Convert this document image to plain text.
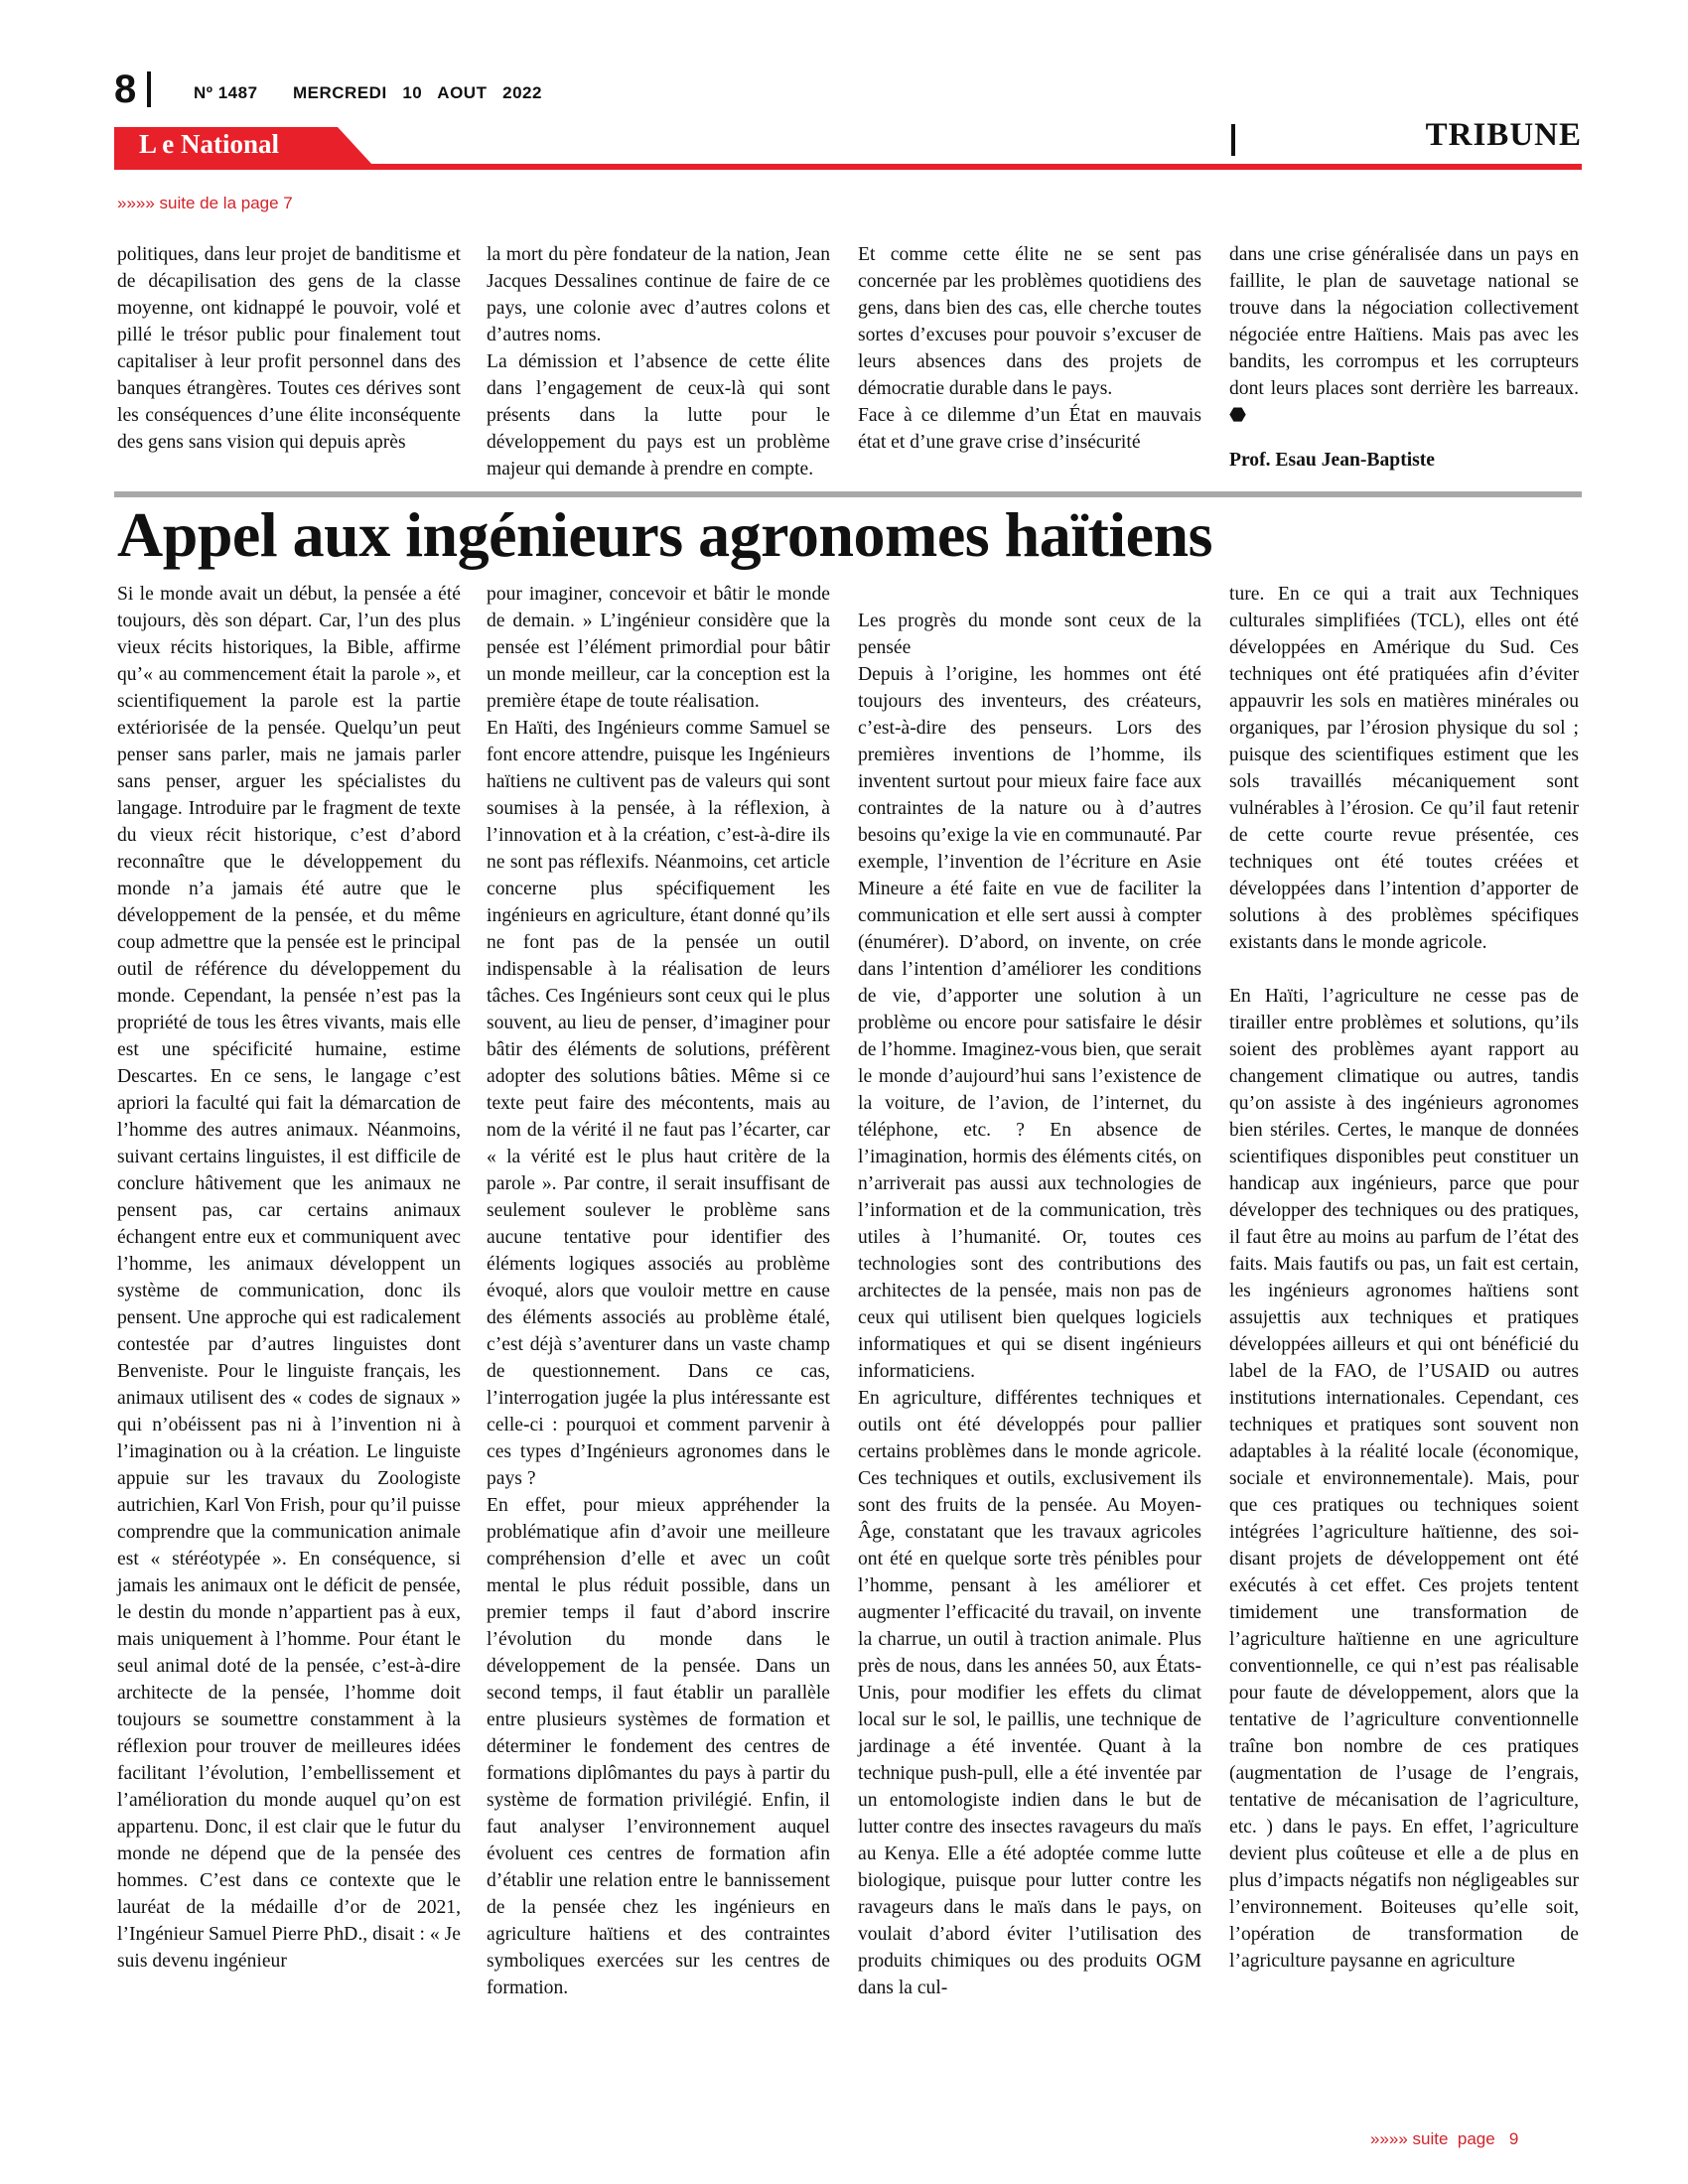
8	Nº 1487 MERCREDI   10   AOUT   2022
L e National	TRIBUNE
»»»» suite de la page 7

politiques, dans leur projet de banditisme et de décapilisation des gens de la classe moyenne, ont kidnappé le pouvoir, volé et pillé le trésor public pour finalement tout capitaliser à leur profit personnel dans des banques étrangères. Toutes ces dérives sont les conséquences d’une élite inconséquente des gens sans vision qui depuis après

la mort du père fondateur de la nation, Jean Jacques Dessalines continue de faire de ce pays, une colonie avec d’autres colons et d’autres noms.

La démission et l’absence de cette élite dans l’engagement de ceux-là qui sont présents dans la lutte pour le développement du pays est un problème majeur qui demande à prendre en compte.

Et comme cette élite ne se sent pas concernée par les problèmes quotidiens des gens, dans bien des cas, elle cherche toutes sortes d’excuses pour pouvoir s’excuser de leurs absences dans des projets de démocratie durable dans le pays.

Face à ce dilemme d’un État en mauvais état et d’une grave crise d’insécurité

dans une crise généralisée dans un pays en faillite, le plan de sauvetage national se trouve dans la négociation collectivement négociée entre Haïtiens. Mais pas avec les bandits, les corrompus et les corrupteurs dont leurs places sont derrière les barreaux. ⬣

Prof. Esau Jean-Baptiste

Appel aux ingénieurs agronomes haïtiens

Si le monde avait un début, la pensée a été toujours, dès son départ. Car, l’un des plus vieux récits historiques, la Bible, affirme qu’« au commencement était la parole », et scientifiquement la parole est la partie extériorisée de la pensée. Quelqu’un peut penser sans parler, mais ne jamais parler sans penser, arguer les spécialistes du langage. Introduire par le fragment de texte du vieux récit historique, c’est d’abord reconnaître que le développement du monde n’a jamais été autre que le développement de la pensée, et du même coup admettre que la pensée est le principal outil de référence du développement du monde. Cependant, la pensée n’est pas la propriété de tous les êtres vivants, mais elle est une spécificité humaine, estime Descartes. En ce sens, le langage c’est apriori la faculté qui fait la démarcation de l’homme des autres animaux. Néanmoins, suivant certains linguistes, il est difficile de conclure hâtivement que les animaux ne pensent pas, car certains animaux échangent entre eux et communiquent avec l’homme, les animaux développent un système de communication, donc ils pensent. Une approche qui est radicalement contestée par d’autres linguistes dont Benveniste. Pour le linguiste français, les animaux utilisent des « codes de signaux » qui n’obéissent pas ni à l’invention ni à l’imagination ou à la création. Le linguiste appuie sur les travaux du Zoologiste autrichien, Karl Von Frish, pour qu’il puisse comprendre que la communication animale est « stéréotypée ». En conséquence, si jamais les animaux ont le déficit de pensée, le destin du monde n’appartient pas à eux, mais uniquement à l’homme. Pour étant le seul animal doté de la pensée, c’est-à-dire architecte de la pensée, l’homme doit toujours se soumettre constamment à la réflexion pour trouver de meilleures idées facilitant l’évolution, l’embellissement et l’amélioration du monde auquel qu’on est appartenu. Donc, il est clair que le futur du monde ne dépend que de la pensée des hommes. C’est dans ce contexte que le lauréat de la médaille d’or de 2021, l’Ingénieur Samuel Pierre PhD., disait : « Je suis devenu ingénieur

pour imaginer, concevoir et bâtir le monde de demain. » L’ingénieur considère que la pensée est l’élément primordial pour bâtir un monde meilleur, car la conception est la première étape de toute réalisation.

En Haïti, des Ingénieurs comme Samuel se font encore attendre, puisque les Ingénieurs haïtiens ne cultivent pas de valeurs qui sont soumises à la pensée, à la réflexion, à l’innovation et à la création, c’est-à-dire ils ne sont pas réflexifs. Néanmoins, cet article concerne plus spécifiquement les ingénieurs en agriculture, étant donné qu’ils ne font pas de la pensée un outil indispensable à la réalisation de leurs tâches. Ces Ingénieurs sont ceux qui le plus souvent, au lieu de penser, d’imaginer pour bâtir des éléments de solutions, préfèrent adopter des solutions bâties. Même si ce texte peut faire des mécontents, mais au nom de la vérité il ne faut pas l’écarter, car « la vérité est le plus haut critère de la parole ». Par contre, il serait insuffisant de seulement soulever le problème sans aucune tentative pour identifier des éléments logiques associés au problème évoqué, alors que vouloir mettre en cause des éléments associés au problème étalé, c’est déjà s’aventurer dans un vaste champ de questionnement. Dans ce cas, l’interrogation jugée la plus intéressante est celle-ci : pourquoi et comment parvenir à ces types d’Ingénieurs agronomes dans le pays ?

En effet, pour mieux appréhender la problématique afin d’avoir une meilleure compréhension d’elle et avec un coût mental le plus réduit possible, dans un premier temps il faut d’abord inscrire l’évolution du monde dans le développement de la pensée. Dans un second temps, il faut établir un parallèle entre plusieurs systèmes de formation et déterminer le fondement des centres de formations diplômantes du pays à partir du système de formation privilégié. Enfin, il faut analyser l’environnement auquel évoluent ces centres de formation afin d’établir une relation entre le bannissement de la pensée chez les ingénieurs en agriculture haïtiens et des contraintes symboliques exercées sur les centres de formation.

Les progrès du monde sont ceux de la pensée

Depuis à l’origine, les hommes ont été toujours des inventeurs, des créateurs, c’est-à-dire des penseurs. Lors des premières inventions de l’homme, ils inventent surtout pour mieux faire face aux contraintes de la nature ou à d’autres besoins qu’exige la vie en communauté. Par exemple, l’invention de l’écriture en Asie Mineure a été faite en vue de faciliter la communication et elle sert aussi à compter (énumérer). D’abord, on invente, on crée dans l’intention d’améliorer les conditions de vie, d’apporter une solution à un problème ou encore pour satisfaire le désir de l’homme. Imaginez-vous bien, que serait le monde d’aujourd’hui sans l’existence de la voiture, de l’avion, de l’internet, du téléphone, etc. ? En absence de l’imagination, hormis des éléments cités, on n’arriverait pas aussi aux technologies de l’information et de la communication, très utiles à l’humanité. Or, toutes ces technologies sont des contributions des architectes de la pensée, mais non pas de ceux qui utilisent bien quelques logiciels informatiques et qui se disent ingénieurs informaticiens.

En agriculture, différentes techniques et outils ont été développés pour pallier certains problèmes dans le monde agricole. Ces techniques et outils, exclusivement ils sont des fruits de la pensée. Au Moyen-Âge, constatant que les travaux agricoles ont été en quelque sorte très pénibles pour l’homme, pensant à les améliorer et augmenter l’efficacité du travail, on invente la charrue, un outil à traction animale. Plus près de nous, dans les années 50, aux États-Unis, pour modifier les effets du climat local sur le sol, le paillis, une technique de jardinage a été inventée. Quant à la technique push-pull, elle a été inventée par un entomologiste indien dans le but de lutter contre des insectes ravageurs du maïs au Kenya. Elle a été adoptée comme lutte biologique, puisque pour lutter contre les ravageurs dans le maïs dans le pays, on voulait d’abord éviter l’utilisation des produits chimiques ou des produits OGM dans la cul-

ture. En ce qui a trait aux Techniques culturales simplifiées (TCL), elles ont été développées en Amérique du Sud. Ces techniques ont été pratiquées afin d’éviter appauvrir les sols en matières minérales ou organiques, par l’érosion physique du sol ; puisque des scientifiques estiment que les sols travaillés mécaniquement sont vulnérables à l’érosion. Ce qu’il faut retenir de cette courte revue présentée, ces techniques ont été toutes créées et développées dans l’intention d’apporter de solutions à des problèmes spécifiques existants dans le monde agricole.

En Haïti, l’agriculture ne cesse pas de tirailler entre problèmes et solutions, qu’ils soient des problèmes ayant rapport au changement climatique ou autres, tandis qu’on assiste à des ingénieurs agronomes bien stériles. Certes, le manque de données scientifiques disponibles peut constituer un handicap aux ingénieurs, parce que pour développer des techniques ou des pratiques, il faut être au moins au parfum de l’état des faits. Mais fautifs ou pas, un fait est certain, les ingénieurs agronomes haïtiens sont assujettis aux techniques et pratiques développées ailleurs et qui ont bénéficié du label de la FAO, de l’USAID ou autres institutions internationales. Cependant, ces techniques et pratiques sont souvent non adaptables à la réalité locale (économique, sociale et environnementale). Mais, pour que ces pratiques ou techniques soient intégrées l’agriculture haïtienne, des soi-disant projets de développement ont été exécutés à cet effet. Ces projets tentent timidement une transformation de l’agriculture haïtienne en une agriculture conventionnelle, ce qui n’est pas réalisable pour faute de développement, alors que la tentative de l’agriculture conventionnelle traîne bon nombre de ces pratiques (augmentation de l’usage de l’engrais, tentative de mécanisation de l’agriculture, etc. ) dans le pays. En effet, l’agriculture devient plus coûteuse et elle a de plus en plus d’impacts négatifs non négligeables sur l’environnement. Boiteuses qu’elle soit, l’opération de transformation de l’agriculture paysanne en agriculture

»»»» suite  page   9
